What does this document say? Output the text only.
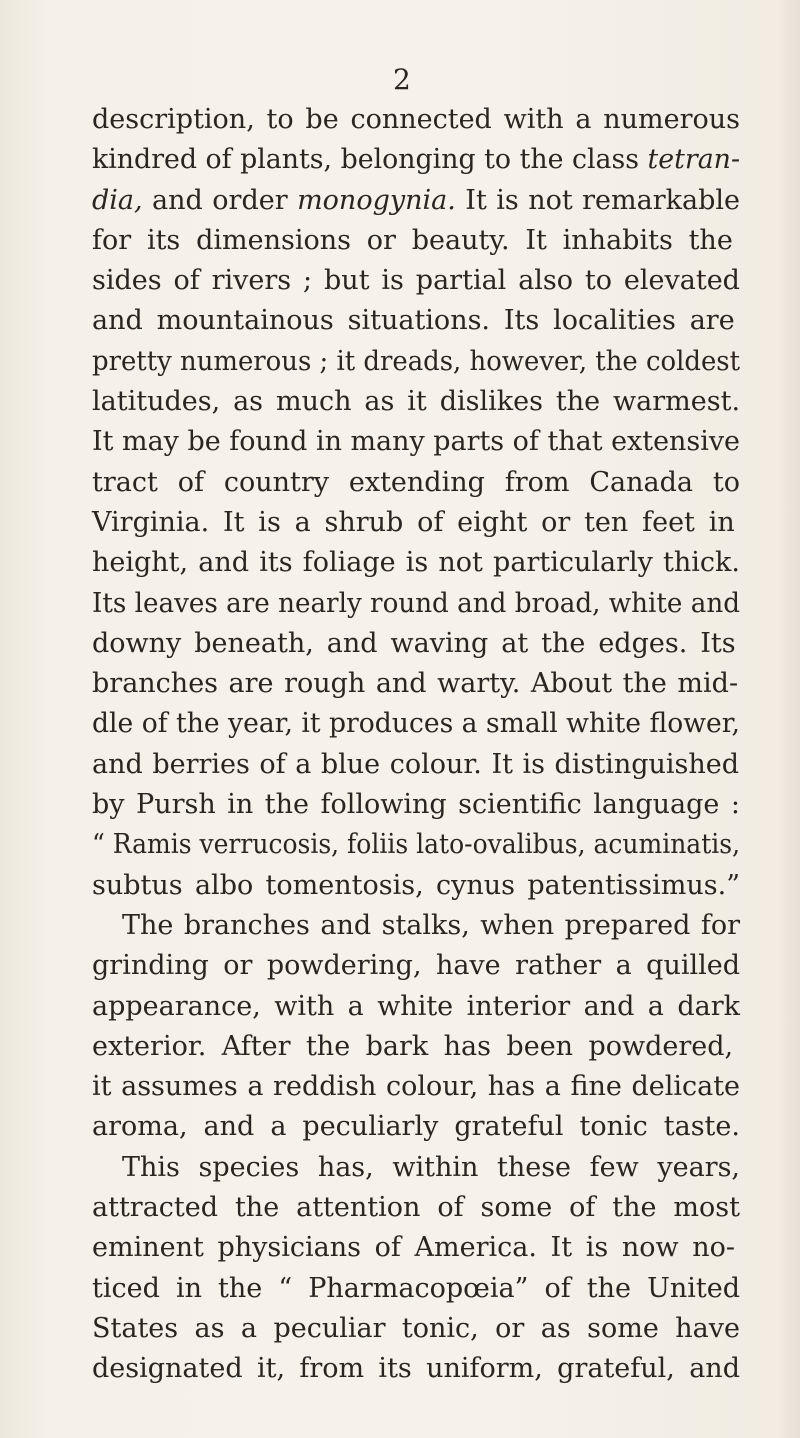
2
description, to be connected with a numerous
kindred of plants, belonging to the class tetran-
dia, and order monogynia. It is not remarkable
for its dimensions or beauty. It inhabits the
sides of rivers ; but is partial also to elevated
and mountainous situations. Its localities are
pretty numerous ; it dreads, however, the coldest
latitudes, as much as it dislikes the warmest.
It may be found in many parts of that extensive
tract of country extending from Canada to
Virginia. It is a shrub of eight or ten feet in
height, and its foliage is not particularly thick.
Its leaves are nearly round and broad, white and
downy beneath, and waving at the edges. Its
branches are rough and warty. About the mid-
dle of the year, it produces a small white flower,
and berries of a blue colour. It is distinguished
by Pursh in the following scientific language :
“ Ramis verrucosis, foliis lato-ovalibus, acuminatis,
subtus albo tomentosis, cynus patentissimus.”
The branches and stalks, when prepared for
grinding or powdering, have rather a quilled
appearance, with a white interior and a dark
exterior. After the bark has been powdered,
it assumes a reddish colour, has a fine delicate
aroma, and a peculiarly grateful tonic taste.
This species has, within these few years,
attracted the attention of some of the most
eminent physicians of America. It is now no-
ticed in the “ Pharmacopœia” of the United
States as a peculiar tonic, or as some have
designated it, from its uniform, grateful, and
